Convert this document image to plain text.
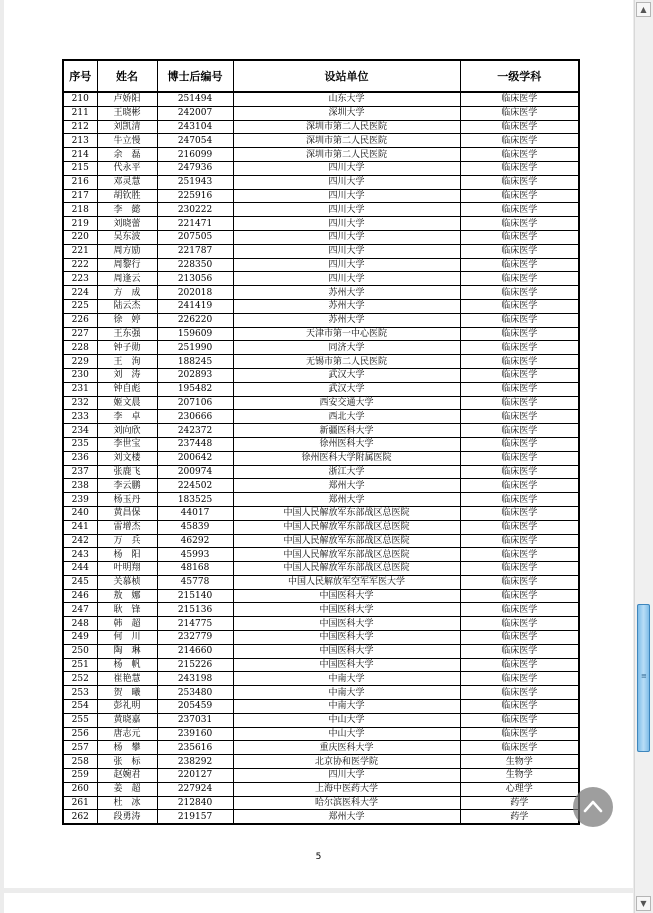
序号	姓名	博士后编号	设站单位	一级学科
210	卢娇阳	251494	山东大学	临床医学
211	王晓彬	242007	深圳大学	临床医学
212	刘凯清	243104	深圳市第二人民医院	临床医学
213	牛立慢	247054	深圳市第二人民医院	临床医学
214	余　磊	216099	深圳市第二人民医院	临床医学
215	代永平	247936	四川大学	临床医学
216	邓灵慧	251943	四川大学	临床医学
217	胡钦胜	225916	四川大学	临床医学
218	李　懿	230222	四川大学	临床医学
219	刘晓蕾	221471	四川大学	临床医学
220	吴东波	207505	四川大学	临床医学
221	周方励	221787	四川大学	临床医学
222	周黎行	228350	四川大学	临床医学
223	周逢云	213056	四川大学	临床医学
224	方　成	202018	苏州大学	临床医学
225	陆云杰	241419	苏州大学	临床医学
226	徐　婷	226220	苏州大学	临床医学
227	王东强	159609	天津市第一中心医院	临床医学
228	钟子勋	251990	同济大学	临床医学
229	王　洵	188245	无锡市第二人民医院	临床医学
230	刘　涛	202893	武汉大学	临床医学
231	钟自彪	195482	武汉大学	临床医学
232	姬文晨	207106	西安交通大学	临床医学
233	李　卓	230666	西北大学	临床医学
234	刘向欣	242372	新疆医科大学	临床医学
235	李世宝	237448	徐州医科大学	临床医学
236	刘文楼	200642	徐州医科大学附属医院	临床医学
237	张鹿飞	200974	浙江大学	临床医学
238	李云鹏	224502	郑州大学	临床医学
239	杨玉丹	183525	郑州大学	临床医学
240	黄昌保	44017	中国人民解放军东部战区总医院	临床医学
241	雷增杰	45839	中国人民解放军东部战区总医院	临床医学
242	万　兵	46292	中国人民解放军东部战区总医院	临床医学
243	杨　阳	45993	中国人民解放军东部战区总医院	临床医学
244	叶明翔	48168	中国人民解放军东部战区总医院	临床医学
245	关慕桢	45778	中国人民解放军空军军医大学	临床医学
246	敖　娜	215140	中国医科大学	临床医学
247	耿　锋	215136	中国医科大学	临床医学
248	韩　超	214775	中国医科大学	临床医学
249	何　川	232779	中国医科大学	临床医学
250	陶　琳	214660	中国医科大学	临床医学
251	杨　帆	215226	中国医科大学	临床医学
252	崔艳慧	243198	中南大学	临床医学
253	贺　曦	253480	中南大学	临床医学
254	彭礼明	205459	中南大学	临床医学
255	黄晓嘉	237031	中山大学	临床医学
256	唐志元	239160	中山大学	临床医学
257	杨　攀	235616	重庆医科大学	临床医学
258	张　标	238292	北京协和医学院	生物学
259	赵婉君	220127	四川大学	生物学
260	姜　超	227924	上海中医药大学	心理学
261	杜　冰	212840	哈尔滨医科大学	药学
262	段勇涛	219157	郑州大学	药学
5
▲
≡
▼
